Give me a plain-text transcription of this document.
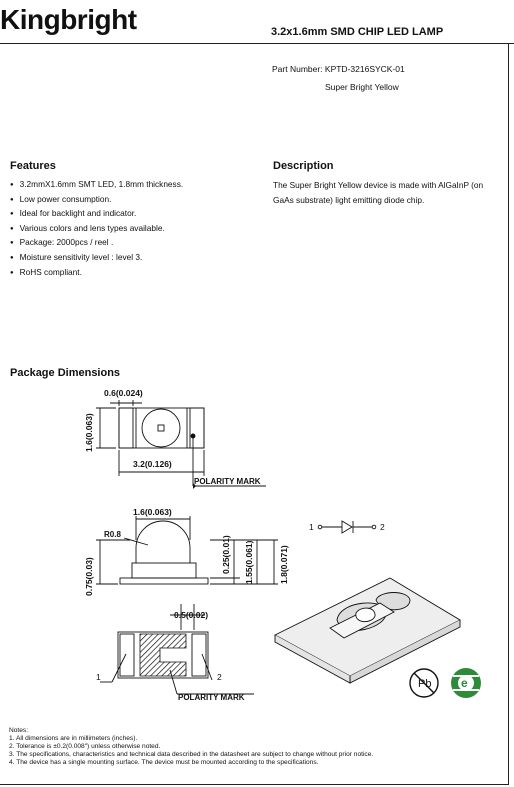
Kingbright	3.2x1.6mm SMD CHIP LED LAMP
Part Number: KPTD-3216SYCK-01
Super Bright Yellow
Features
● 3.2mmX1.6mm SMT LED, 1.8mm thickness.
● Low power consumption.
● Ideal for backlight and indicator.
● Various colors and lens types available.
● Package: 2000pcs / reel .
● Moisture sensitivity level : level 3.
● RoHS compliant.
Description
The Super Bright Yellow device is made with AlGaInP (on GaAs substrate) light emitting diode chip.
Package Dimensions
0.6(0.024)
1.6(0.063)
3.2(0.126)
POLARITY MARK
1.6(0.063)
R0.8
0.75(0.03)
0.25(0.01) 1.55(0.061)	1.8(0.071)
0.5(0.02)
1	2
POLARITY MARK
1	2
Pb e
Notes:
1. All dimensions are in millimeters (inches).
2. Tolerance is ±0.2(0.008") unless otherwise noted.
3. The specifications, characteristics and technical data described in the datasheet are subject to change without prior notice.
4. The device has a single mounting surface. The device must be mounted according to the specifications.
